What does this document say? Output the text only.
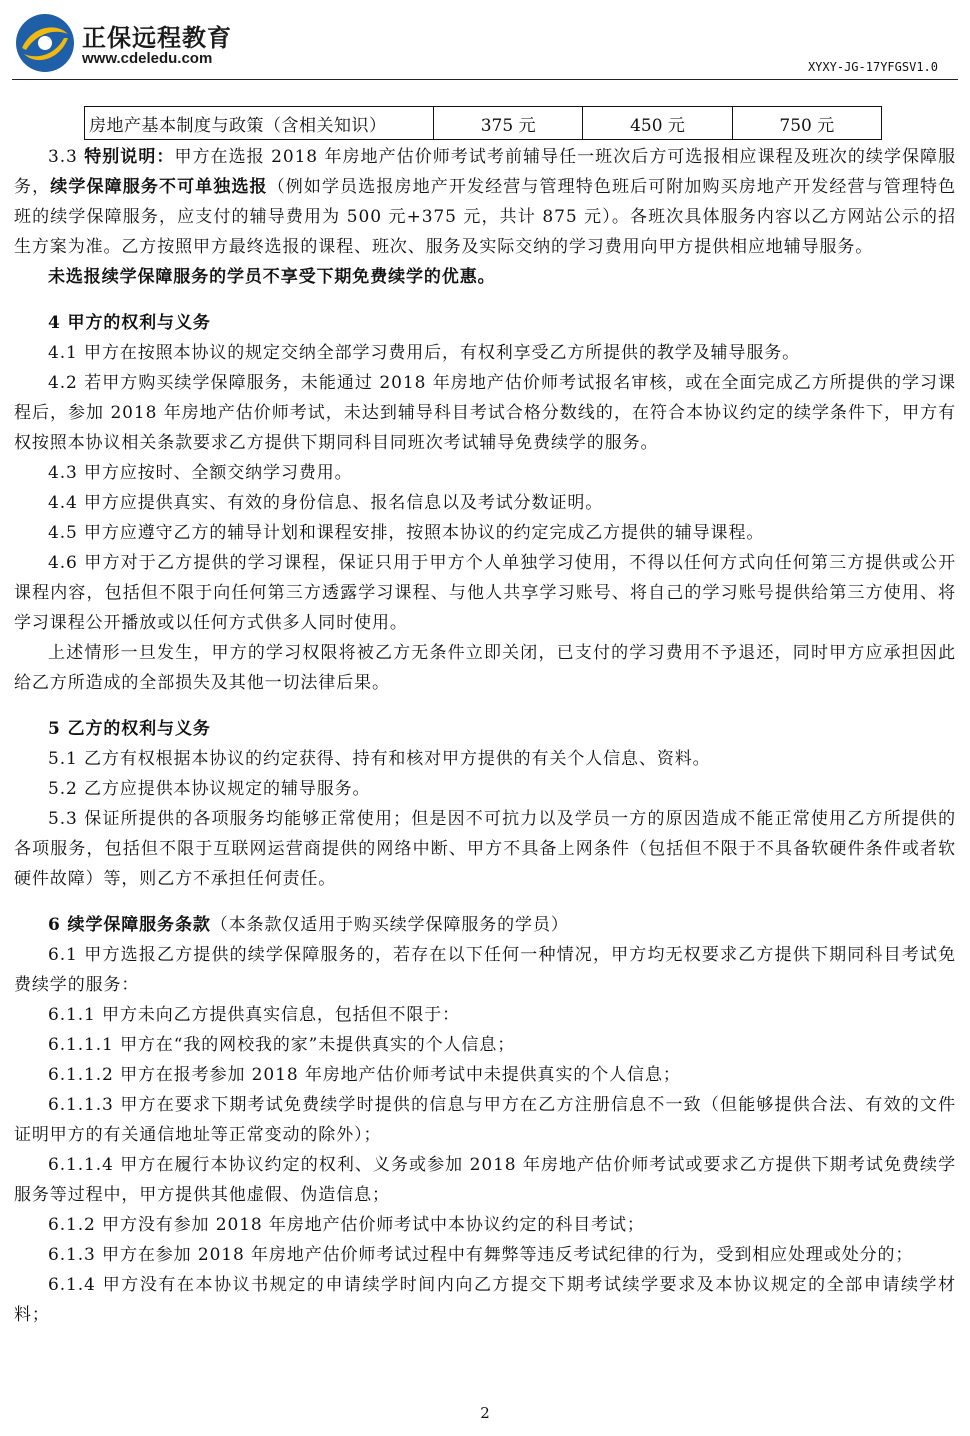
正保远程教育
www.cdeledu.com	XYXY-JG-17YFGSV1.0
房地产基本制度与政策（含相关知识）	375 元	450 元	750 元

3.3 特别说明：甲方在选报 2018 年房地产估价师考试考前辅导任一班次后方可选报相应课程及班次的续学保障服务，续学保障服务不可单独选报（例如学员选报房地产开发经营与管理特色班后可附加购买房地产开发经营与管理特色班的续学保障服务，应支付的辅导费用为 500 元+375 元，共计 875 元）。各班次具体服务内容以乙方网站公示的招生方案为准。乙方按照甲方最终选报的课程、班次、服务及实际交纳的学习费用向甲方提供相应地辅导服务。

未选报续学保障服务的学员不享受下期免费续学的优惠。

4 甲方的权利与义务

4.1 甲方在按照本协议的规定交纳全部学习费用后，有权利享受乙方所提供的教学及辅导服务。

4.2 若甲方购买续学保障服务，未能通过 2018 年房地产估价师考试报名审核，或在全面完成乙方所提供的学习课程后，参加 2018 年房地产估价师考试，未达到辅导科目考试合格分数线的，在符合本协议约定的续学条件下，甲方有权按照本协议相关条款要求乙方提供下期同科目同班次考试辅导免费续学的服务。

4.3 甲方应按时、全额交纳学习费用。

4.4 甲方应提供真实、有效的身份信息、报名信息以及考试分数证明。

4.5 甲方应遵守乙方的辅导计划和课程安排，按照本协议的约定完成乙方提供的辅导课程。

4.6 甲方对于乙方提供的学习课程，保证只用于甲方个人单独学习使用，不得以任何方式向任何第三方提供或公开课程内容，包括但不限于向任何第三方透露学习课程、与他人共享学习账号、将自己的学习账号提供给第三方使用、将学习课程公开播放或以任何方式供多人同时使用。

上述情形一旦发生，甲方的学习权限将被乙方无条件立即关闭，已支付的学习费用不予退还，同时甲方应承担因此给乙方所造成的全部损失及其他一切法律后果。

5 乙方的权利与义务

5.1 乙方有权根据本协议的约定获得、持有和核对甲方提供的有关个人信息、资料。

5.2 乙方应提供本协议规定的辅导服务。

5.3 保证所提供的各项服务均能够正常使用；但是因不可抗力以及学员一方的原因造成不能正常使用乙方所提供的各项服务，包括但不限于互联网运营商提供的网络中断、甲方不具备上网条件（包括但不限于不具备软硬件条件或者软硬件故障）等，则乙方不承担任何责任。

6 续学保障服务条款（本条款仅适用于购买续学保障服务的学员）

6.1 甲方选报乙方提供的续学保障服务的，若存在以下任何一种情况，甲方均无权要求乙方提供下期同科目考试免费续学的服务：

6.1.1 甲方未向乙方提供真实信息，包括但不限于：

6.1.1.1 甲方在“我的网校我的家”未提供真实的个人信息；

6.1.1.2 甲方在报考参加 2018 年房地产估价师考试中未提供真实的个人信息；

6.1.1.3 甲方在要求下期考试免费续学时提供的信息与甲方在乙方注册信息不一致（但能够提供合法、有效的文件证明甲方的有关通信地址等正常变动的除外）；

6.1.1.4 甲方在履行本协议约定的权利、义务或参加 2018 年房地产估价师考试或要求乙方提供下期考试免费续学服务等过程中，甲方提供其他虚假、伪造信息；

6.1.2 甲方没有参加 2018 年房地产估价师考试中本协议约定的科目考试；

6.1.3 甲方在参加 2018 年房地产估价师考试过程中有舞弊等违反考试纪律的行为，受到相应处理或处分的；

6.1.4 甲方没有在本协议书规定的申请续学时间内向乙方提交下期考试续学要求及本协议规定的全部申请续学材料；

2
